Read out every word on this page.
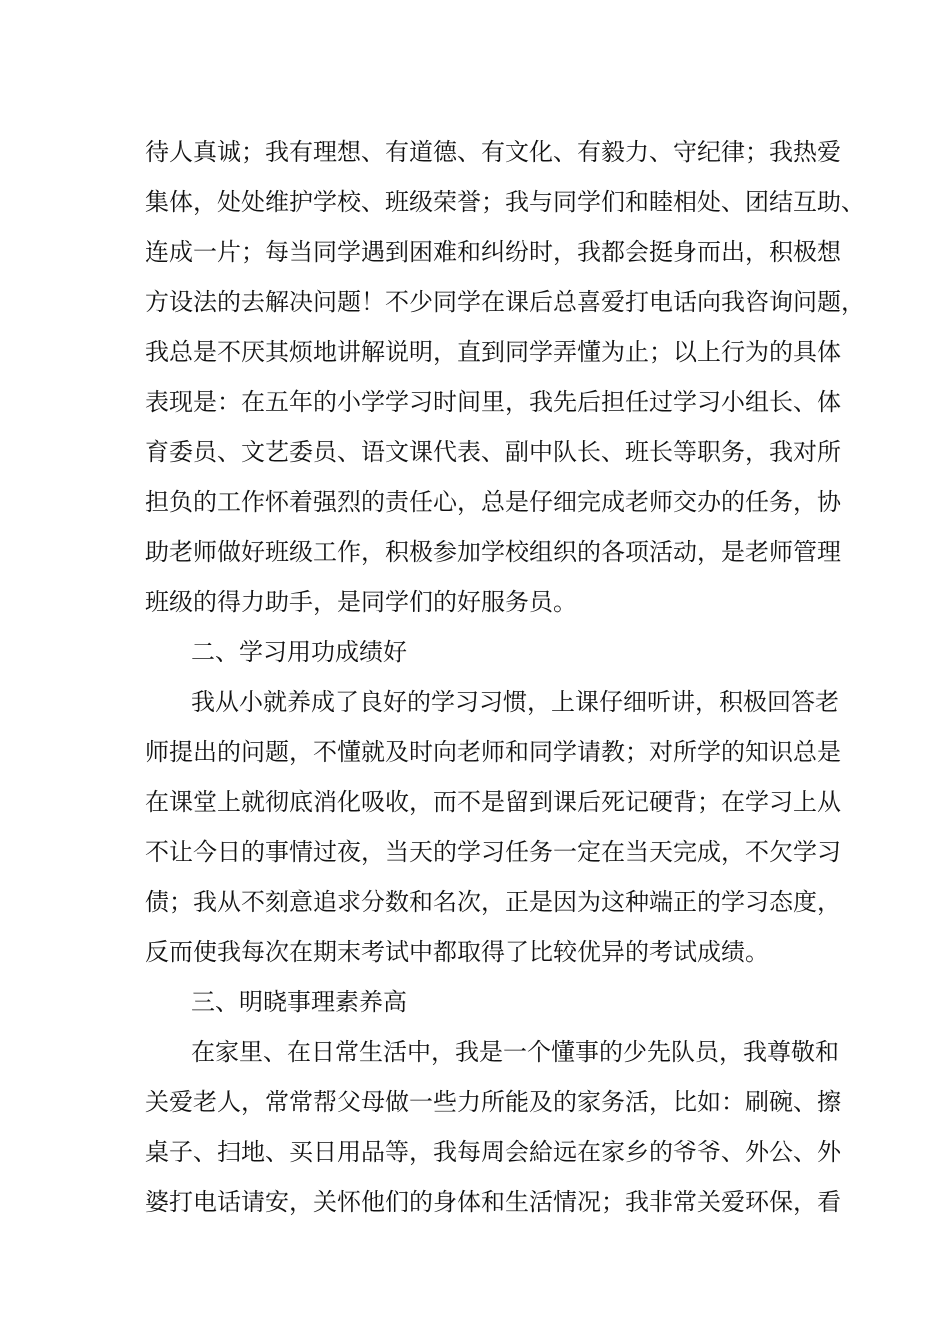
待人真诚；我有理想、有道德、有文化、有毅力、守纪律；我热爱
集体，处处维护学校、班级荣誉；我与同学们和睦相处、团结互助、
连成一片；每当同学遇到困难和纠纷时，我都会挺身而出，积极想
方设法的去解决问题！不少同学在课后总喜爱打电话向我咨询问题，
我总是不厌其烦地讲解说明，直到同学弄懂为止；以上行为的具体
表现是：在五年的小学学习时间里，我先后担任过学习小组长、体
育委员、文艺委员、语文课代表、副中队长、班长等职务，我对所
担负的工作怀着强烈的责任心，总是仔细完成老师交办的任务，协
助老师做好班级工作，积极参加学校组织的各项活动，是老师管理
班级的得力助手，是同学们的好服务员。
二、学习用功成绩好
我从小就养成了良好的学习习惯，上课仔细听讲，积极回答老
师提出的问题，不懂就及时向老师和同学请教；对所学的知识总是
在课堂上就彻底消化吸收，而不是留到课后死记硬背；在学习上从
不让今日的事情过夜，当天的学习任务一定在当天完成，不欠学习
债；我从不刻意追求分数和名次，正是因为这种端正的学习态度，
反而使我每次在期末考试中都取得了比较优异的考试成绩。
三、明晓事理素养高
在家里、在日常生活中，我是一个懂事的少先队员，我尊敬和
关爱老人，常常帮父母做一些力所能及的家务活，比如：刷碗、擦
桌子、扫地、买日用品等，我每周会給远在家乡的爷爷、外公、外
婆打电话请安，关怀他们的身体和生活情况；我非常关爱环保，看
